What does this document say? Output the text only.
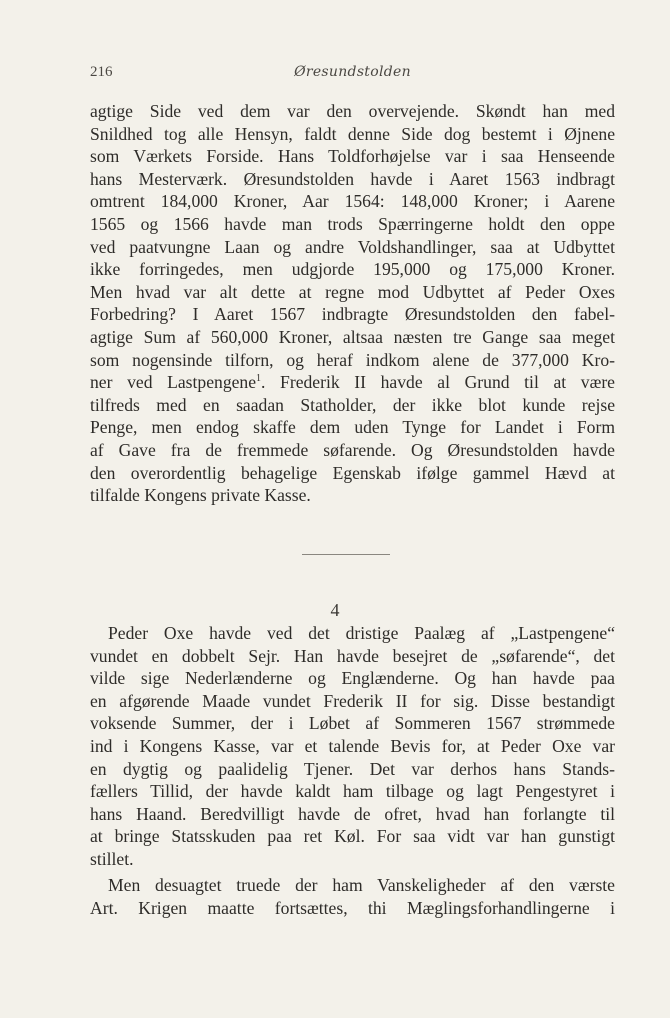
216	Øresundstolden
agtige Side ved dem var den overvejende. Skøndt han med
Snildhed tog alle Hensyn, faldt denne Side dog bestemt i Øjnene
som Værkets Forside. Hans Toldforhøjelse var i saa Henseende
hans Mesterværk. Øresundstolden havde i Aaret 1563 indbragt
omtrent 184,000 Kroner, Aar 1564: 148,000 Kroner; i Aarene
1565 og 1566 havde man trods Spærringerne holdt den oppe
ved paatvungne Laan og andre Voldshandlinger, saa at Udbyttet
ikke forringedes, men udgjorde 195,000 og 175,000 Kroner.
Men hvad var alt dette at regne mod Udbyttet af Peder Oxes
Forbedring? I Aaret 1567 indbragte Øresundstolden den fabel-
agtige Sum af 560,000 Kroner, altsaa næsten tre Gange saa meget
som nogensinde tilforn, og heraf indkom alene de 377,000 Kro-
ner ved Lastpengene$^1$. Frederik II havde al Grund til at være
tilfreds med en saadan Statholder, der ikke blot kunde rejse
Penge, men endog skaffe dem uden Tynge for Landet i Form
af Gave fra de fremmede søfarende. Og Øresundstolden havde
den overordentlig behagelige Egenskab ifølge gammel Hævd at
tilfalde Kongens private Kasse.
4
Peder Oxe havde ved det dristige Paalæg af „Lastpengene“
vundet en dobbelt Sejr. Han havde besejret de „søfarende“, det
vilde sige Nederlænderne og Englænderne. Og han havde paa
en afgørende Maade vundet Frederik II for sig. Disse bestandigt
voksende Summer, der i Løbet af Sommeren 1567 strømmede
ind i Kongens Kasse, var et talende Bevis for, at Peder Oxe var
en dygtig og paalidelig Tjener. Det var derhos hans Stands-
fællers Tillid, der havde kaldt ham tilbage og lagt Pengestyret i
hans Haand. Beredvilligt havde de ofret, hvad han forlangte til
at bringe Statsskuden paa ret Køl. For saa vidt var han gunstigt
stillet.
Men desuagtet truede der ham Vanskeligheder af den værste
Art. Krigen maatte fortsættes, thi Mæglingsforhandlingerne i
